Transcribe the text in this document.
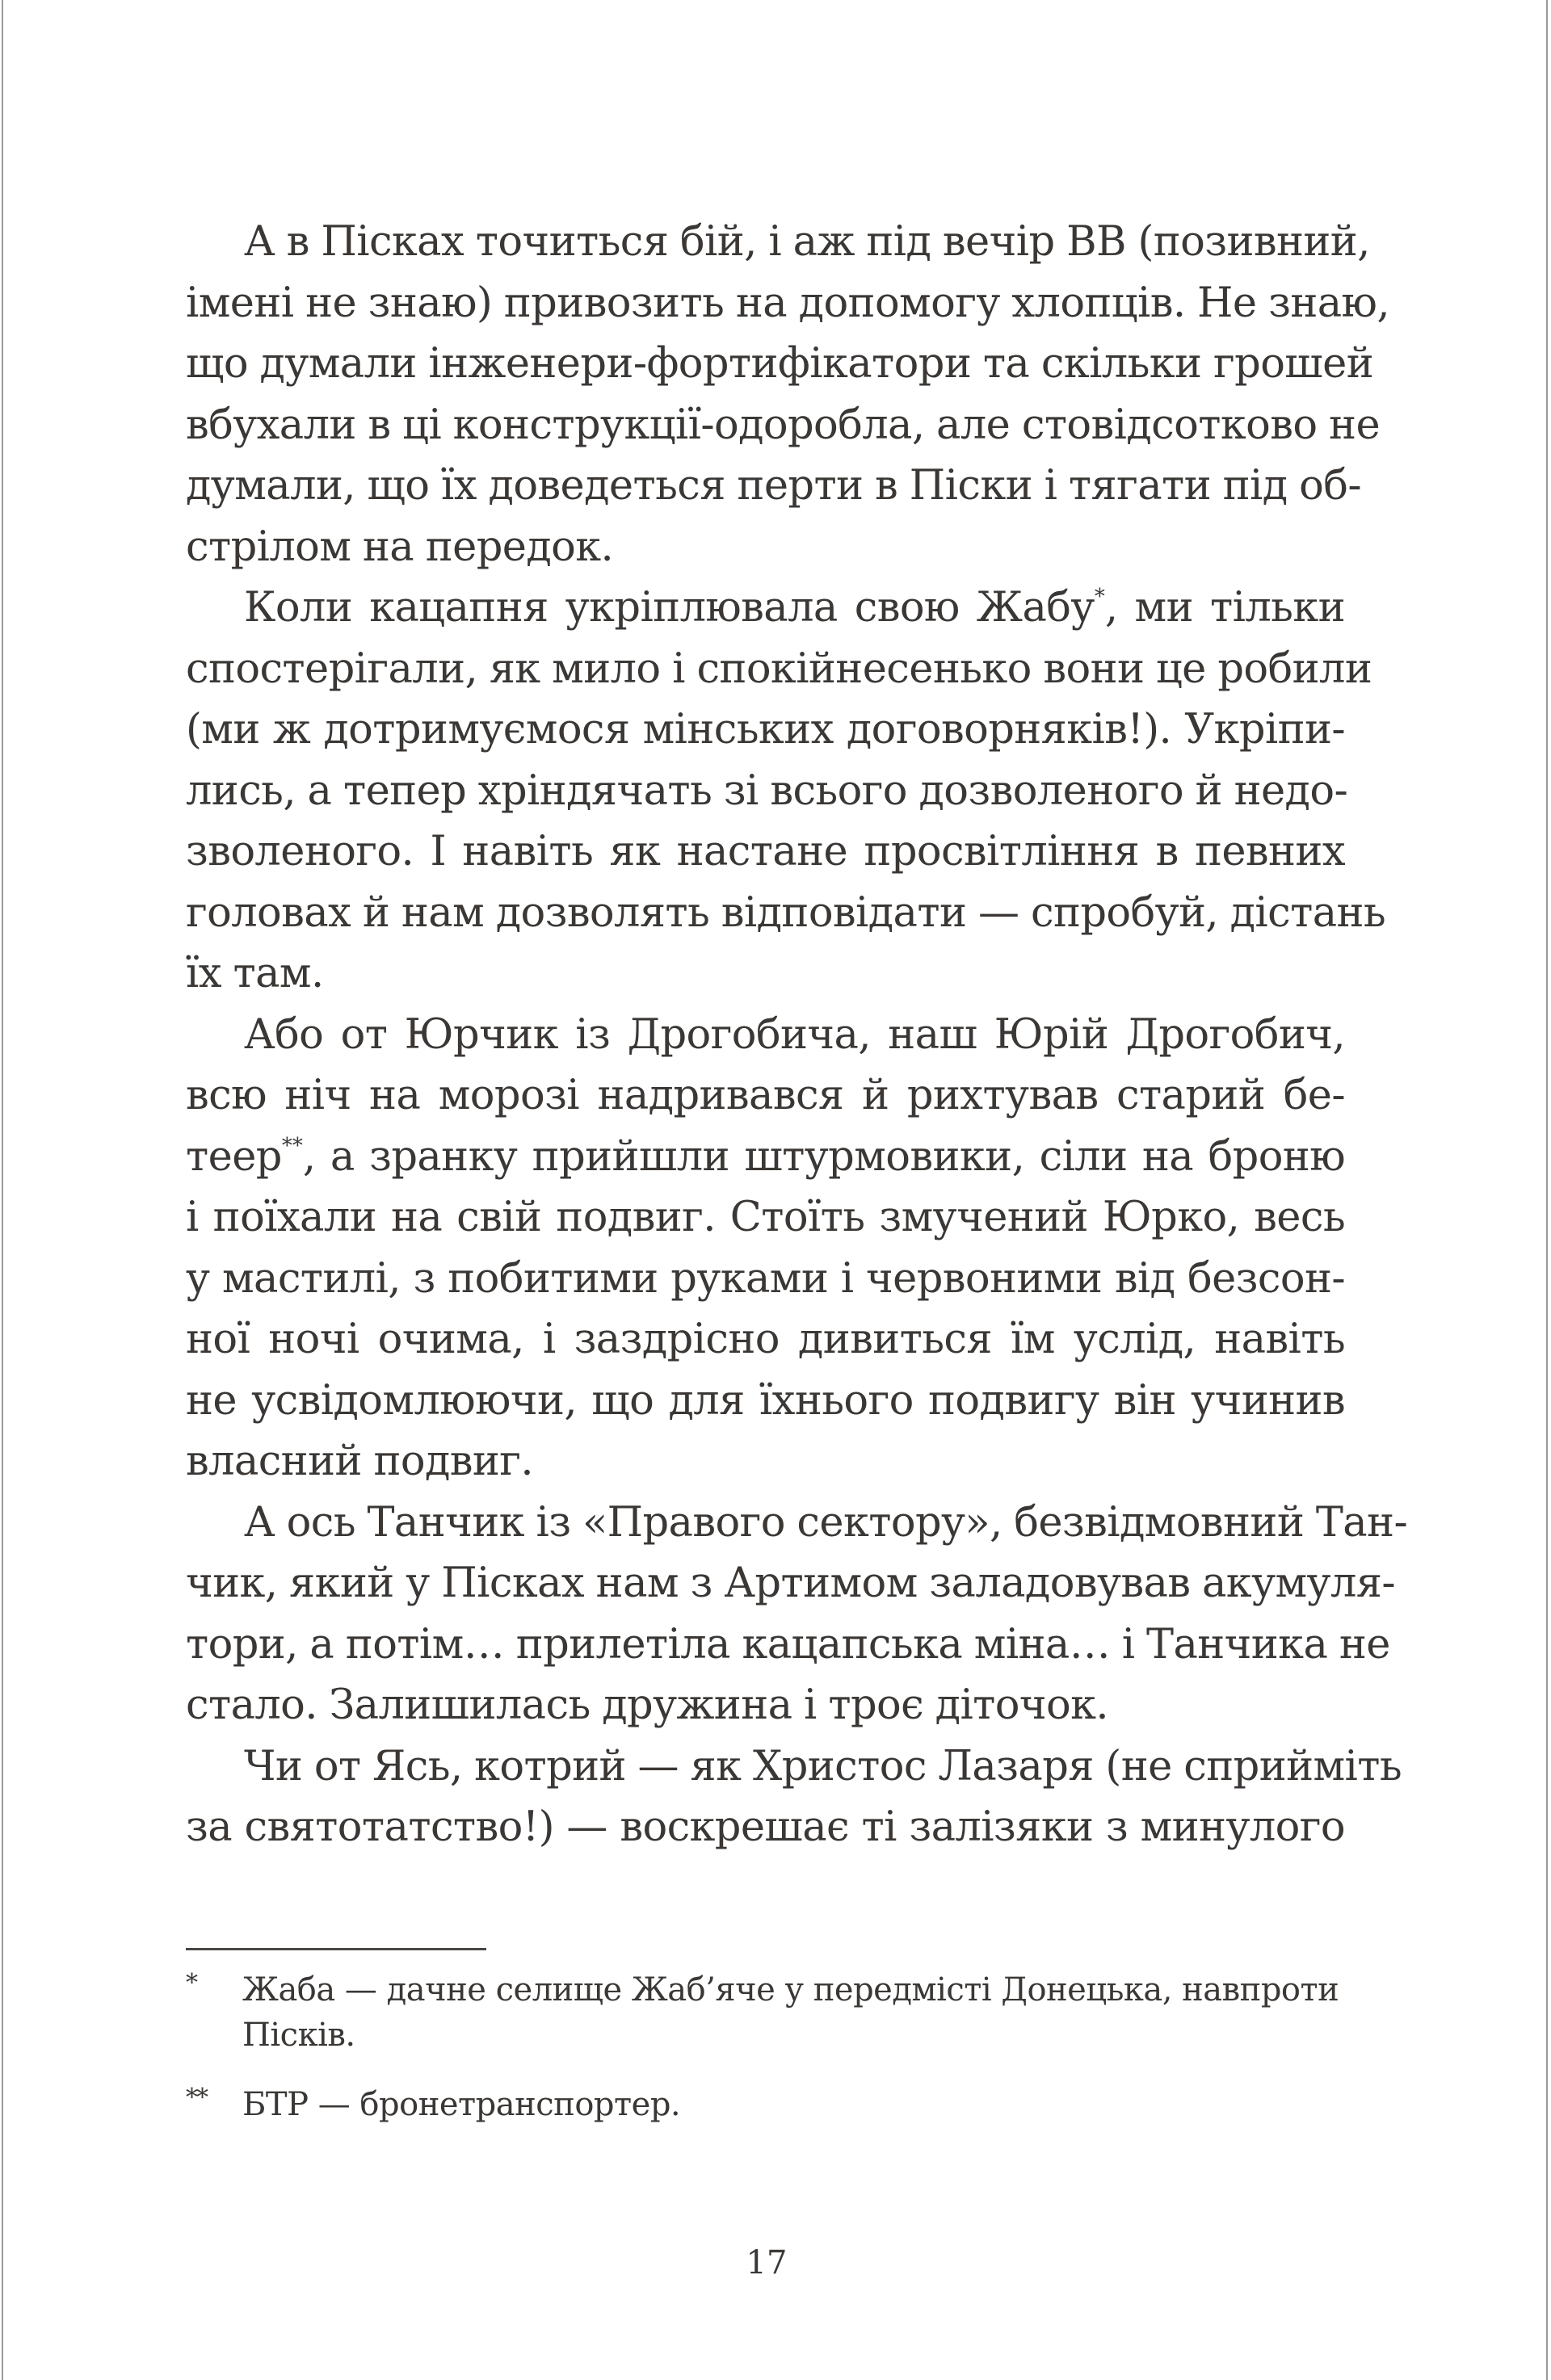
А в Пісках точиться бій, і аж під вечір ВВ (позивний,
імені не знаю) привозить на допомогу хлопців. Не знаю,
що думали інженери-фортифікатори та скільки грошей
вбухали в ці конструкції-одоробла, але стовідсотково не
думали, що їх доведеться перти в Піски і тягати під об-
стрілом на передок.
Коли кацапня укріплювала свою Жабу*, ми тільки
спостерігали, як мило і спокійнесенько вони це робили
(ми ж дотримуємося мінських договорняків!). Укріпи-
лись, а тепер хріндячать зі всього дозволеного й недо-
зволеного. І навіть як настане просвітління в певних
головах й нам дозволять відповідати — спробуй, дістань
їх там.
Або от Юрчик із Дрогобича, наш Юрій Дрогобич,
всю ніч на морозі надривався й рихтував старий бе-
теер**, а зранку прийшли штурмовики, сіли на броню
і поїхали на свій подвиг. Стоїть змучений Юрко, весь
у мастилі, з побитими руками і червоними від безсон-
ної ночі очима, і заздрісно дивиться їм услід, навіть
не усвідомлюючи, що для їхнього подвигу він учинив
власний подвиг.
А ось Танчик із «Правого сектору», безвідмовний Тан-
чик, який у Пісках нам з Артимом заладовував акумуля-
тори, а потім… прилетіла кацапська міна… і Танчика не
стало. Залишилась дружина і троє діточок.
Чи от Ясь, котрий — як Христос Лазаря (не сприйміть
за святотатство!) — воскрешає ті залізяки з минулого
* Жаба — дачне селище Жаб’яче у передмісті Донецька, навпроти
Пісків.
** БТР — бронетранспортер.
17
